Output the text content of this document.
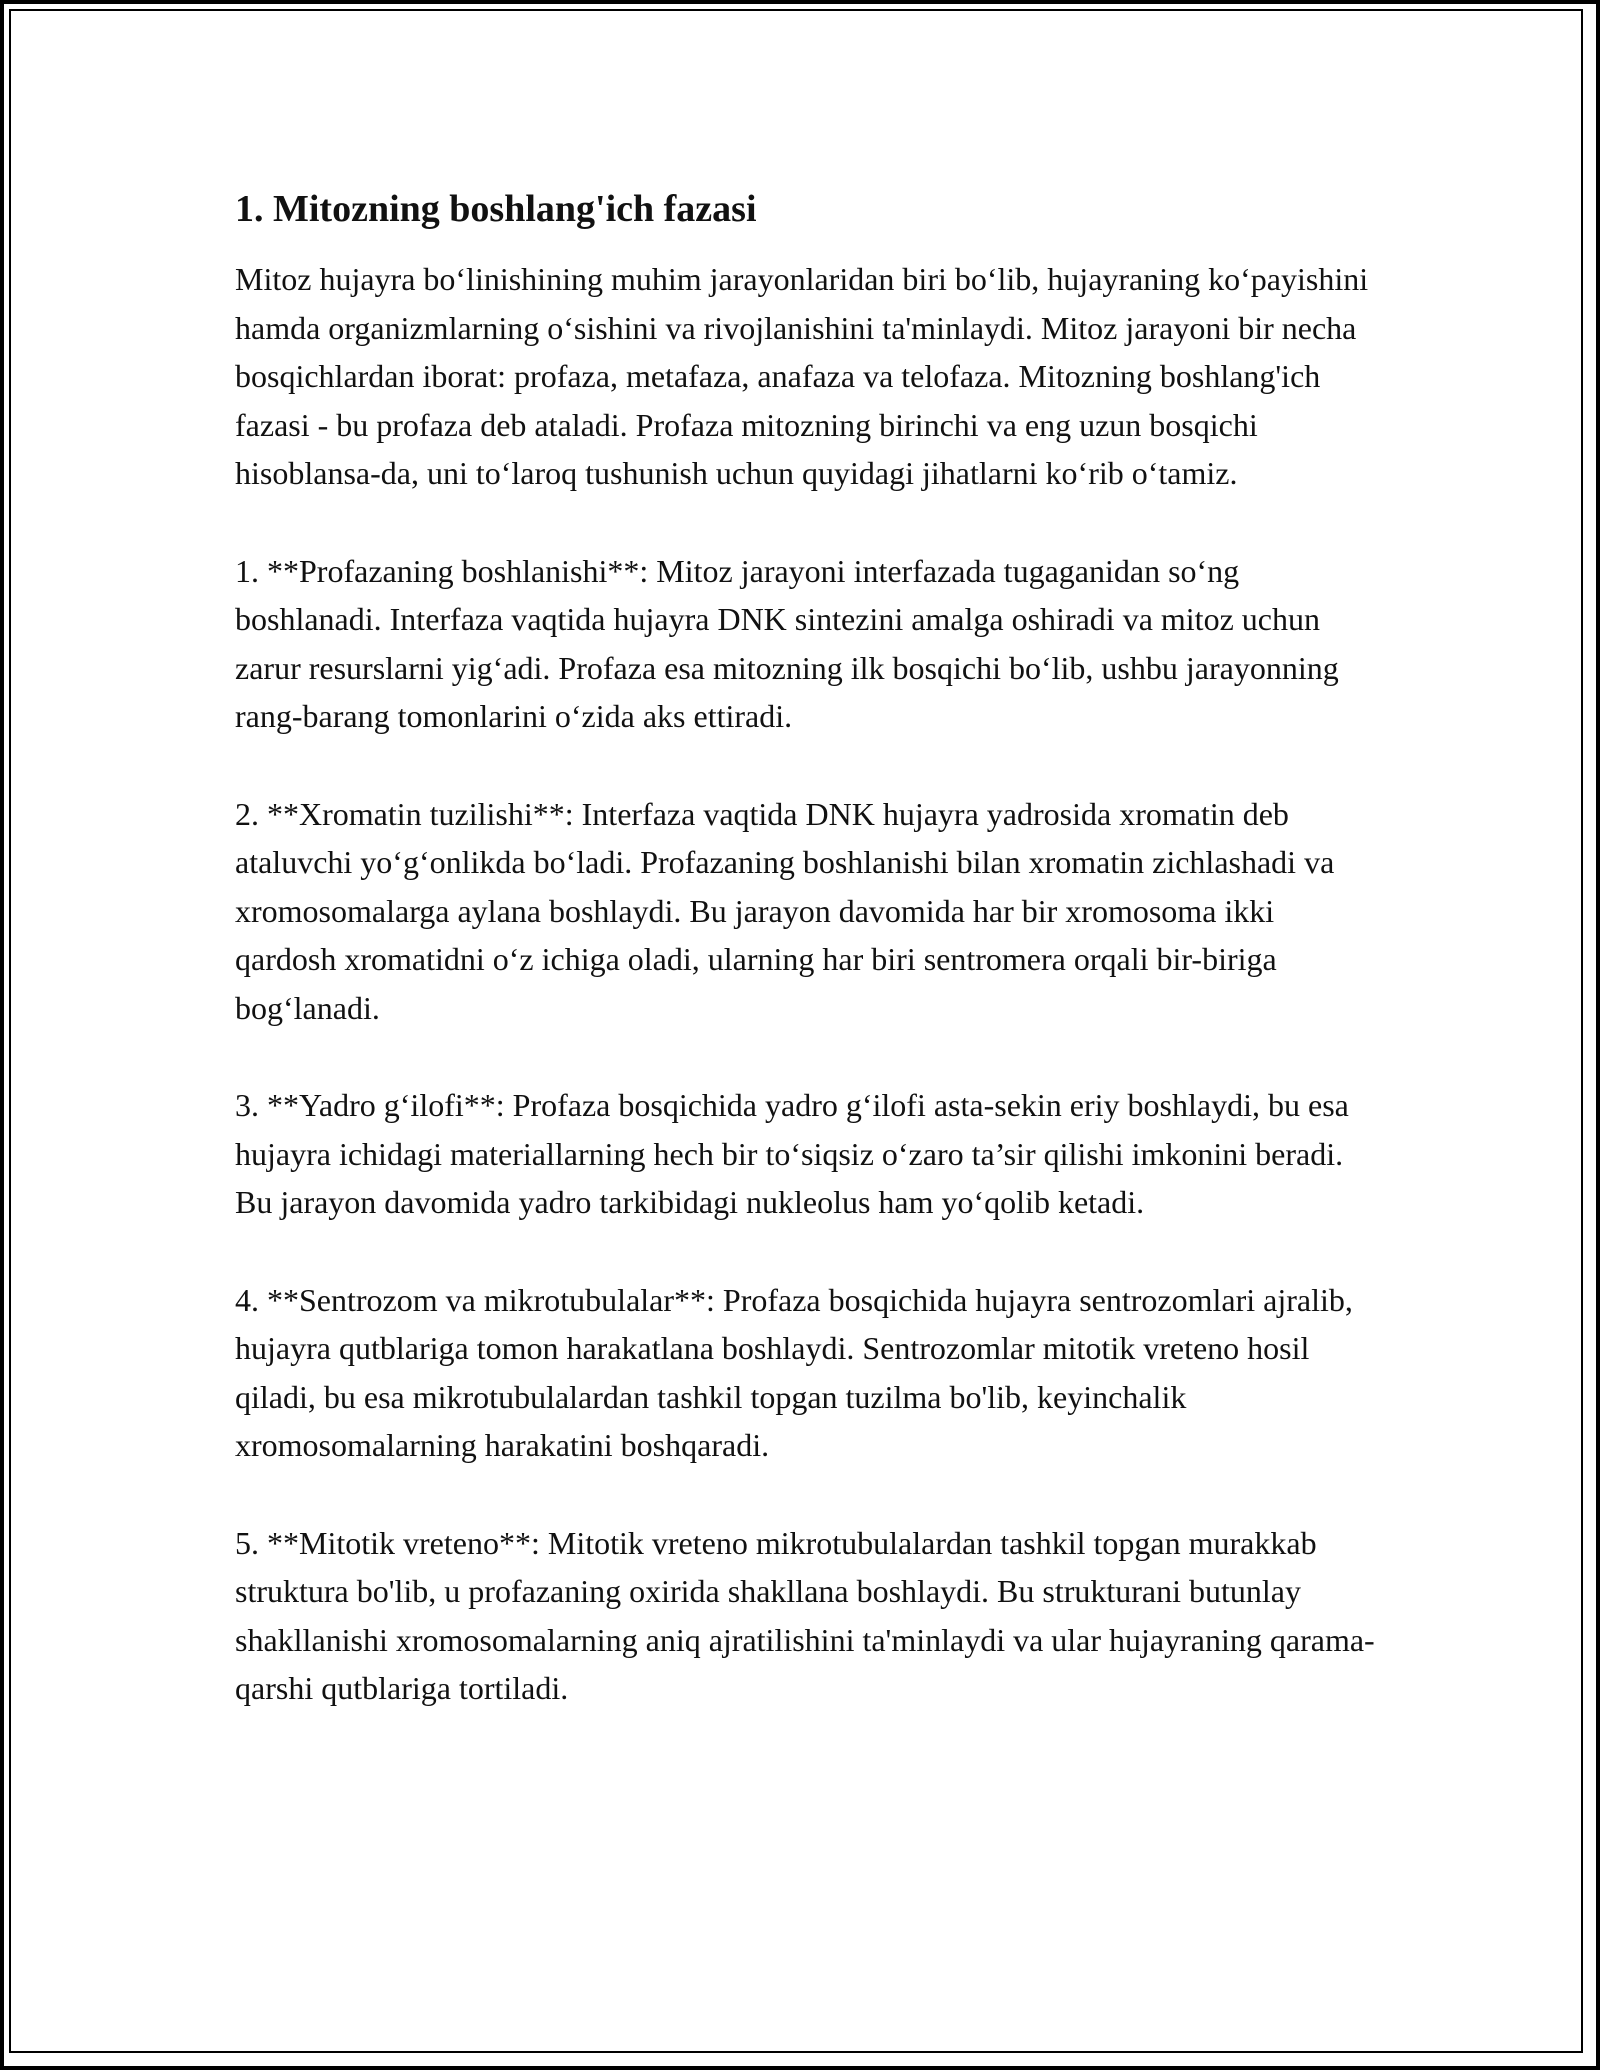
1. Mitozning boshlang'ich fazasi

Mitoz hujayra bo‘linishining muhim jarayonlaridan biri bo‘lib, hujayraning ko‘payishini hamda organizmlarning o‘sishini va rivojlanishini ta'minlaydi. Mitoz jarayoni bir necha bosqichlardan iborat: profaza, metafaza, anafaza va telofaza. Mitozning boshlang'ich fazasi - bu profaza deb ataladi. Profaza mitozning birinchi va eng uzun bosqichi hisoblansa-da, uni to‘laroq tushunish uchun quyidagi jihatlarni ko‘rib o‘tamiz.

1. **Profazaning boshlanishi**: Mitoz jarayoni interfazada tugaganidan so‘ng boshlanadi. Interfaza vaqtida hujayra DNK sintezini amalga oshiradi va mitoz uchun zarur resurslarni yig‘adi. Profaza esa mitozning ilk bosqichi bo‘lib, ushbu jarayonning rang-barang tomonlarini o‘zida aks ettiradi.

2. **Xromatin tuzilishi**: Interfaza vaqtida DNK hujayra yadrosida xromatin deb ataluvchi yo‘g‘onlikda bo‘ladi. Profazaning boshlanishi bilan xromatin zichlashadi va xromosomalarga aylana boshlaydi. Bu jarayon davomida har bir xromosoma ikki qardosh xromatidni o‘z ichiga oladi, ularning har biri sentromera orqali bir-biriga bog‘lanadi.

3. **Yadro g‘ilofi**: Profaza bosqichida yadro g‘ilofi asta-sekin eriy boshlaydi, bu esa hujayra ichidagi materiallarning hech bir to‘siqsiz o‘zaro ta’sir qilishi imkonini beradi. Bu jarayon davomida yadro tarkibidagi nukleolus ham yo‘qolib ketadi.

4. **Sentrozom va mikrotubulalar**: Profaza bosqichida hujayra sentrozomlari ajralib, hujayra qutblariga tomon harakatlana boshlaydi. Sentrozomlar mitotik vreteno hosil qiladi, bu esa mikrotubulalardan tashkil topgan tuzilma bo'lib, keyinchalik xromosomalarning harakatini boshqaradi.

5. **Mitotik vreteno**: Mitotik vreteno mikrotubulalardan tashkil topgan murakkab struktura bo'lib, u profazaning oxirida shakllana boshlaydi. Bu strukturani butunlay shakllanishi xromosomalarning aniq ajratilishini ta'minlaydi va ular hujayraning qarama-qarshi qutblariga tortiladi.
